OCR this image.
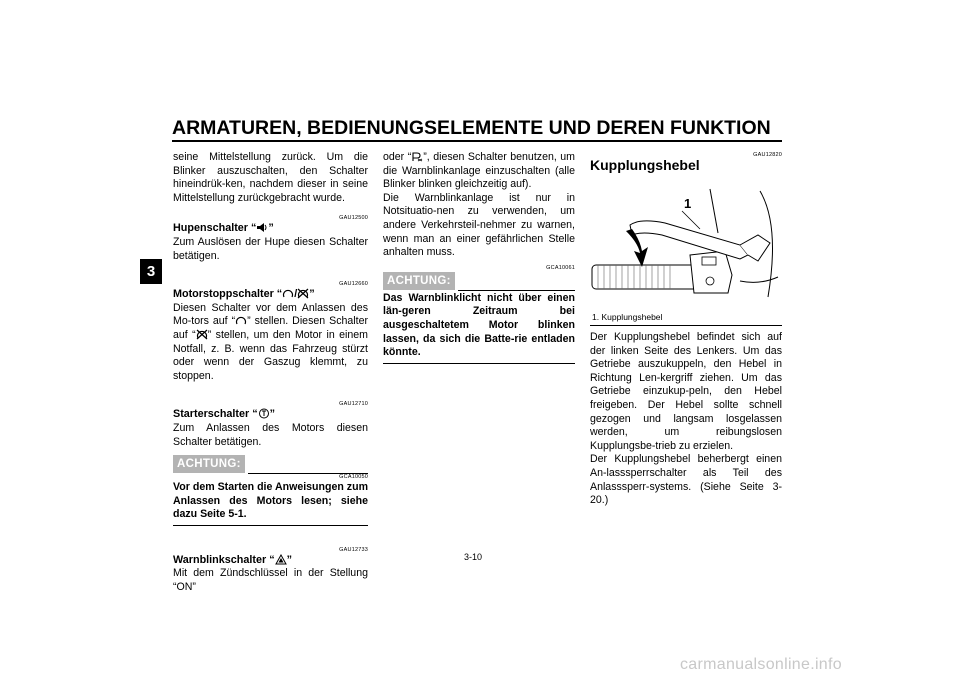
ARMATUREN, BEDIENUNGSELEMENTE UND DEREN FUNKTION
3

seine Mittelstellung zurück. Um die Blinker auszuschalten, den Schalter hineindrük-ken, nachdem dieser in seine Mittelstellung zurückgebracht wurde.

GAU12500

Hupenschalter “ ”

Zum Auslösen der Hupe diesen Schalter betätigen.

GAU12660

Motorstoppschalter “ / ”

Diesen Schalter vor dem Anlassen des Mo-tors auf “ ” stellen. Diesen Schalter auf “ ” stellen, um den Motor in einem Notfall, z. B. wenn das Fahrzeug stürzt oder wenn der Gaszug klemmt, zu stoppen.

GAU12710

Starterschalter “ ”

Zum Anlassen des Motors diesen Schalter betätigen.

ACHTUNG:

GCA10050

Vor dem Starten die Anweisungen zum Anlassen des Motors lesen; siehe dazu Seite 5-1.

GAU12733

Warnblinkschalter “ ”

Mit dem Zündschlüssel in der Stellung “ON”

oder “ ”, diesen Schalter benutzen, um die Warnblinkanlage einzuschalten (alle Blinker blinken gleichzeitig auf).

Die Warnblinkanlage ist nur in Notsituatio-nen zu verwenden, um andere Verkehrsteil-nehmer zu warnen, wenn man an einer gefährlichen Stelle anhalten muss.

GCA10061

ACHTUNG:

Das Warnblinklicht nicht über einen län-geren Zeitraum bei ausgeschaltetem Motor blinken lassen, da sich die Batte-rie entladen könnte.

GAU12820

Kupplungshebel

1
1. Kupplungshebel

Der Kupplungshebel befindet sich auf der linken Seite des Lenkers. Um das Getriebe auszukuppeln, den Hebel in Richtung Len-kergriff ziehen. Um das Getriebe einzukup-peln, den Hebel freigeben. Der Hebel sollte schnell gezogen und langsam losgelassen werden, um reibungslosen Kupplungsbe-trieb zu erzielen.

Der Kupplungshebel beherbergt einen An-lasssperrschalter als Teil des Anlasssperr-systems. (Siehe Seite 3-20.)

3-10
carmanualsonline.info
